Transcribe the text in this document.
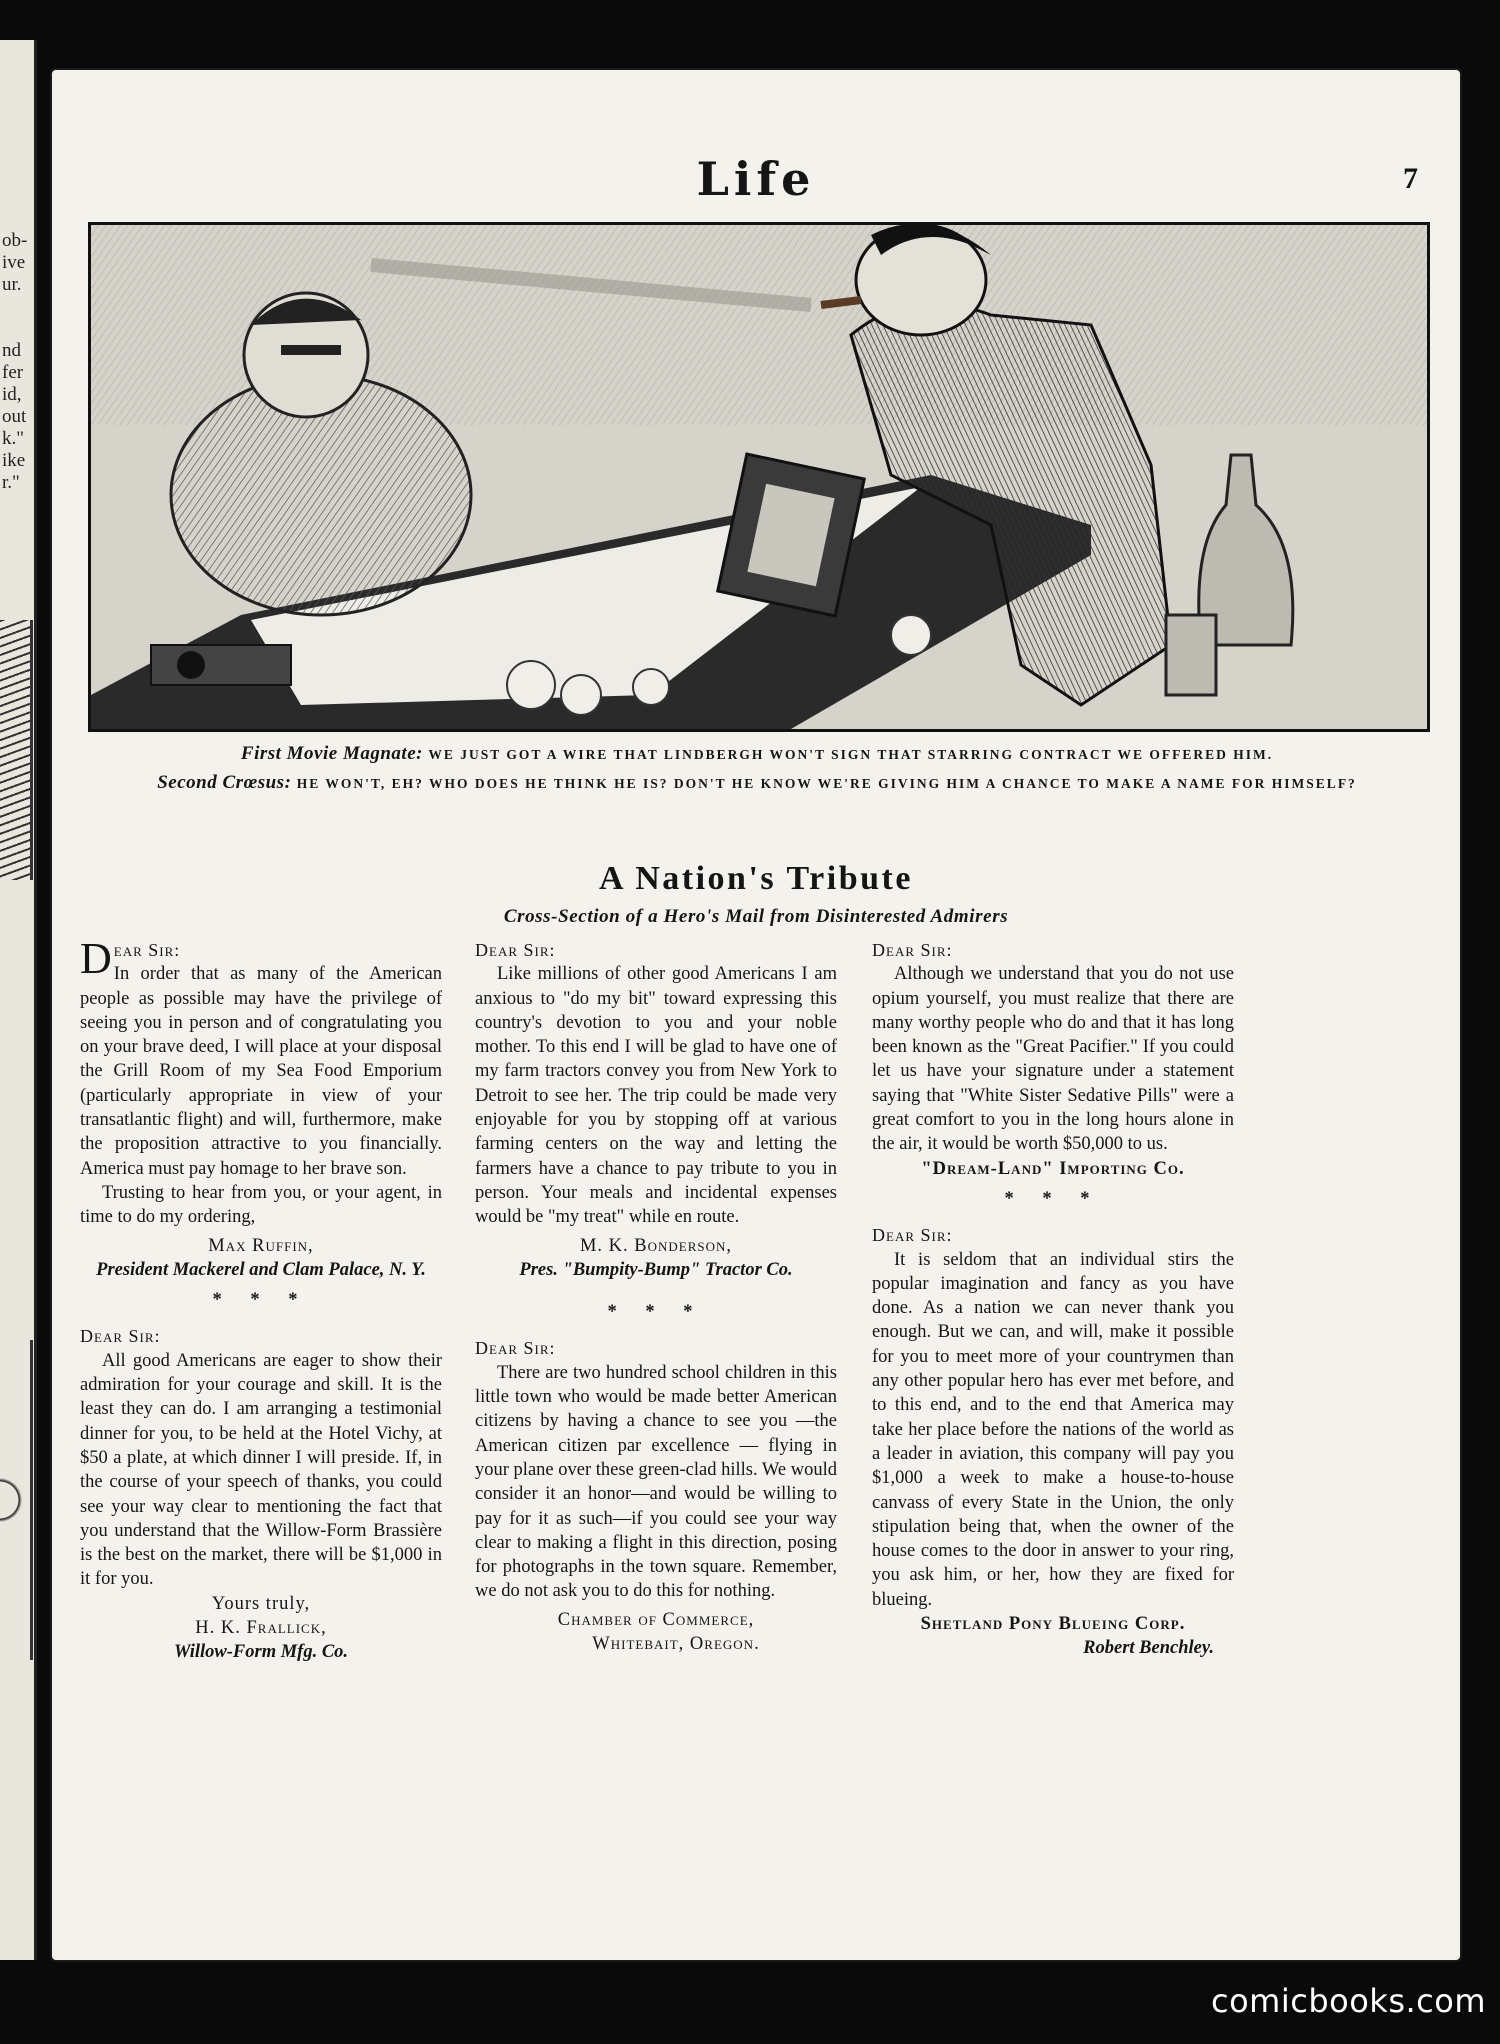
ob-
ive
ur.
nd
fer
id,
out
k."
ike
r."
Life	7
First Movie Magnate: WE JUST GOT A WIRE THAT LINDBERGH WON'T SIGN THAT STARRING CONTRACT WE OFFERED HIM.
Second Crœsus: HE WON'T, EH? WHO DOES HE THINK HE IS? DON'T HE KNOW WE'RE GIVING HIM A CHANCE TO MAKE A NAME FOR HIMSELF?
A Nation's Tribute
Cross-Section of a Hero's Mail from Disinterested Admirers
D ear Sir:

In order that as many of the American people as possible may have the privilege of seeing you in person and of congratulating you on your brave deed, I will place at your disposal the Grill Room of my Sea Food Emporium (particularly appropriate in view of your transatlantic flight) and will, furthermore, make the proposition attractive to you financially. America must pay homage to her brave son.

Trusting to hear from you, or your agent, in time to do my ordering,

Max Ruffin,
President Mackerel and Clam Palace, N. Y.
* * *
Dear Sir:

All good Americans are eager to show their admiration for your courage and skill. It is the least they can do. I am arranging a testimonial dinner for you, to be held at the Hotel Vichy, at $50 a plate, at which dinner I will preside. If, in the course of your speech of thanks, you could see your way clear to mentioning the fact that you understand that the Willow-Form Brassière is the best on the market, there will be $1,000 in it for you.

Yours truly,
H. K. Frallick,
Willow-Form Mfg. Co.
Dear Sir:

Like millions of other good Americans I am anxious to "do my bit" toward expressing this country's devotion to you and your noble mother. To this end I will be glad to have one of my farm tractors convey you from New York to Detroit to see her. The trip could be made very enjoyable for you by stopping off at various farming centers on the way and letting the farmers have a chance to pay tribute to you in person. Your meals and incidental expenses would be "my treat" while en route.

M. K. Bonderson,
Pres. "Bumpity-Bump" Tractor Co.
* * *
Dear Sir:

There are two hundred school children in this little town who would be made better American citizens by having a chance to see you —the American citizen par excellence — flying in your plane over these green-clad hills. We would consider it an honor—and would be willing to pay for it as such—if you could see your way clear to making a flight in this direction, posing for photographs in the town square. Remember, we do not ask you to do this for nothing.

Chamber of Commerce,
Whitebait, Oregon.
Dear Sir:

Although we understand that you do not use opium yourself, you must realize that there are many worthy people who do and that it has long been known as the "Great Pacifier." If you could let us have your signature under a statement saying that "White Sister Sedative Pills" were a great comfort to you in the long hours alone in the air, it would be worth $50,000 to us.

"Dream-Land" Importing Co.
* * *
Dear Sir:

It is seldom that an individual stirs the popular imagination and fancy as you have done. As a nation we can never thank you enough. But we can, and will, make it possible for you to meet more of your countrymen than any other popular hero has ever met before, and to this end, and to the end that America may take her place before the nations of the world as a leader in aviation, this company will pay you $1,000 a week to make a house-to-house canvass of every State in the Union, the only stipulation being that, when the owner of the house comes to the door in answer to your ring, you ask him, or her, how they are fixed for blueing.

Shetland Pony Blueing Corp.
Robert Benchley.
comicbooks.com
